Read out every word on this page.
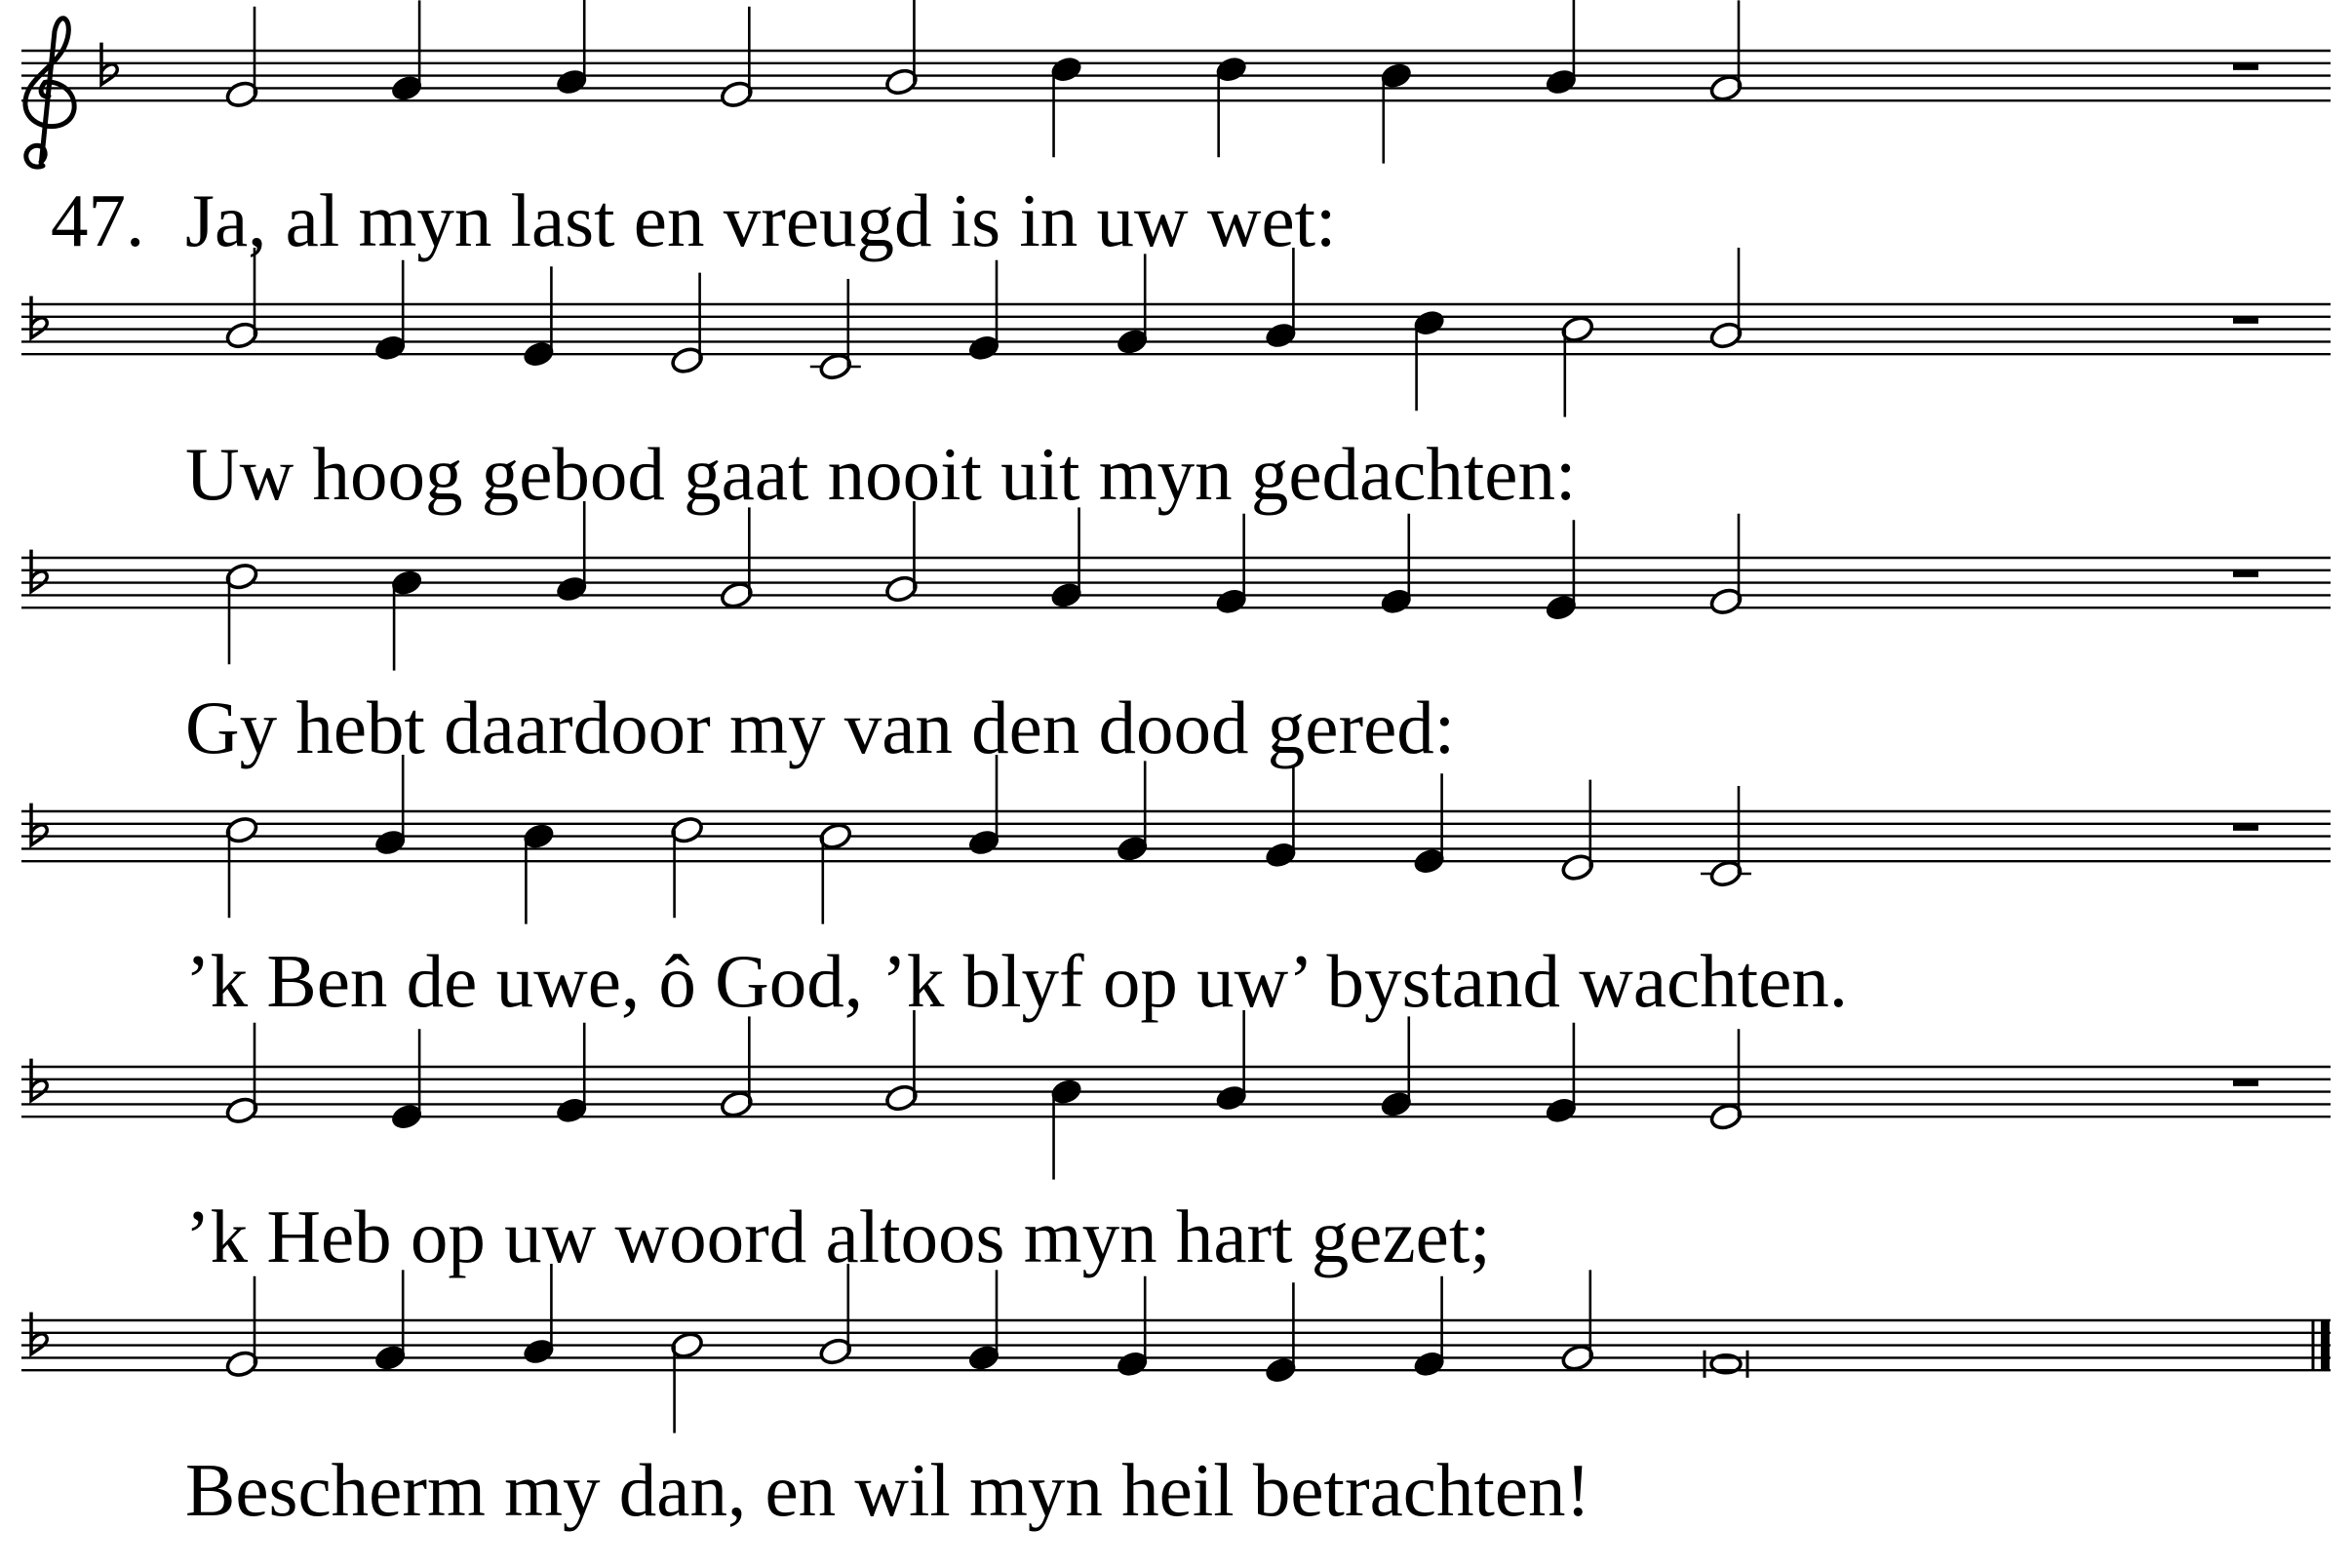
47. Ja, al myn last en vreugd is in uw wet:
Uw hoog gebod gaat nooit uit myn gedachten:
Gy hebt daardoor my van den dood gered:
’k Ben de uwe, ô God, ’k blyf op uw’ bystand wachten.
’k Heb op uw woord altoos myn hart gezet;
Bescherm my dan, en wil myn heil betrachten!
